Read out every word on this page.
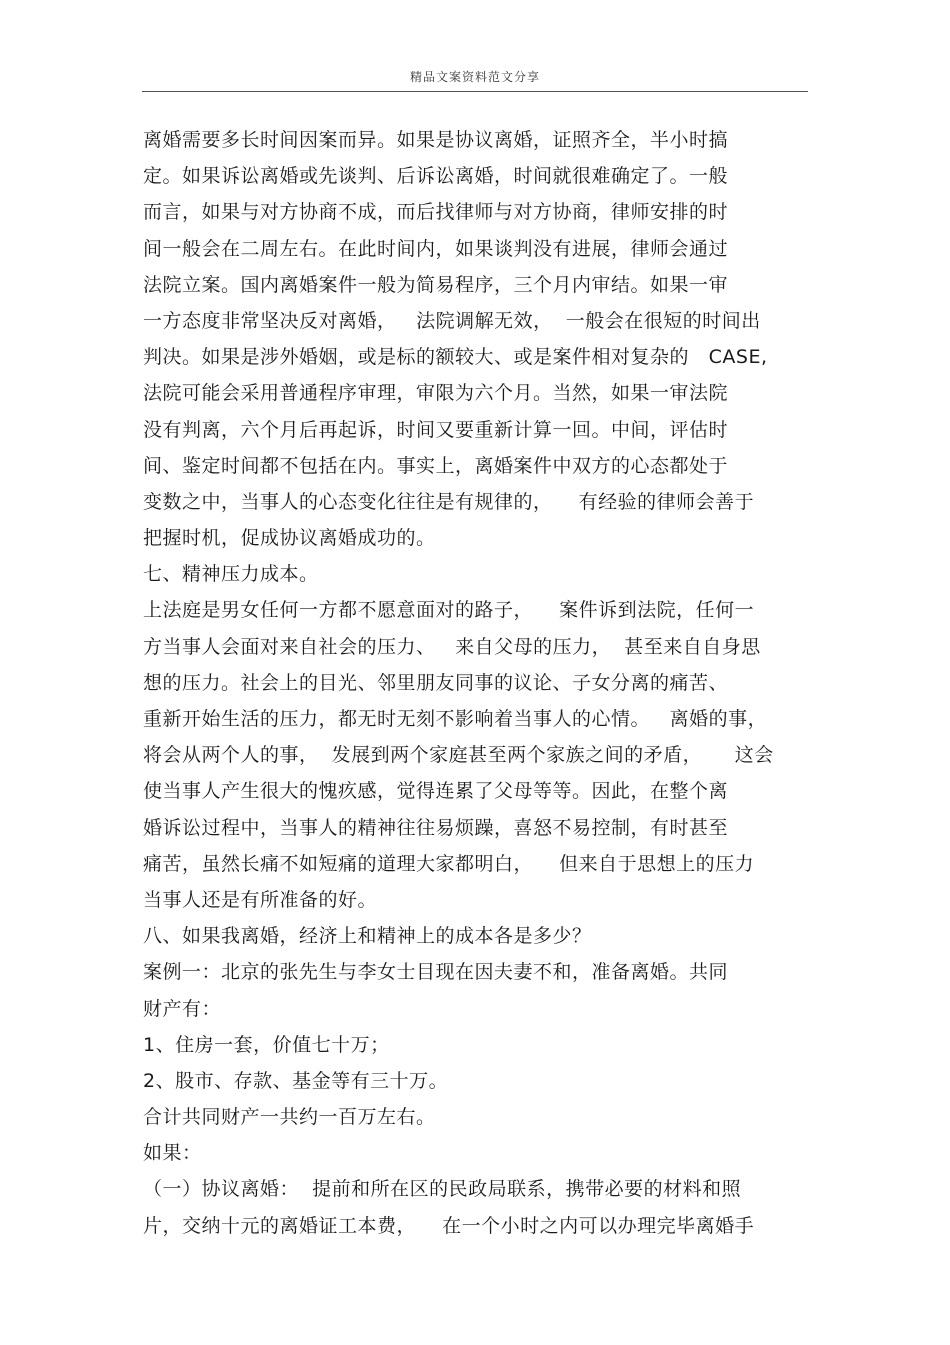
精品文案资料范文分享
离婚需要多长时间因案而异。如果是协议离婚，证照齐全，半小时搞
定。如果诉讼离婚或先谈判、后诉讼离婚，时间就很难确定了。一般
而言，如果与对方协商不成，而后找律师与对方协商，律师安排的时
间一般会在二周左右。在此时间内，如果谈判没有进展，律师会通过
法院立案。国内离婚案件一般为简易程序，三个月内审结。如果一审
一方态度非常坚决反对离婚，   法院调解无效，  一般会在很短的时间出
判决。如果是涉外婚姻，或是标的额较大、或是案件相对复杂的   CASE,
法院可能会采用普通程序审理，审限为六个月。当然，如果一审法院
没有判离，六个月后再起诉，时间又要重新计算一回。中间，评估时
间、鉴定时间都不包括在内。事实上，离婚案件中双方的心态都处于
变数之中，当事人的心态变化往往是有规律的，    有经验的律师会善于
把握时机，促成协议离婚成功的。
七、精神压力成本。
上法庭是男女任何一方都不愿意面对的路子，    案件诉到法院，任何一
方当事人会面对来自社会的压力、   来自父母的压力，  甚至来自自身思
想的压力。社会上的目光、邻里朋友同事的议论、子女分离的痛苦、
重新开始生活的压力，都无时无刻不影响着当事人的心情。   离婚的事，
将会从两个人的事，  发展到两个家庭甚至两个家族之间的矛盾，     这会
使当事人产生很大的愧疚感，觉得连累了父母等等。因此，在整个离
婚诉讼过程中，当事人的精神往往易烦躁，喜怒不易控制，有时甚至
痛苦，虽然长痛不如短痛的道理大家都明白，    但来自于思想上的压力
当事人还是有所准备的好。
八、如果我离婚，经济上和精神上的成本各是多少？
案例一：北京的张先生与李女士目现在因夫妻不和，准备离婚。共同
财产有：
1、住房一套，价值七十万；
2、股市、存款、基金等有三十万。
合计共同财产一共约一百万左右。
如果：
（一）协议离婚：  提前和所在区的民政局联系，携带必要的材料和照
片，交纳十元的离婚证工本费，    在一个小时之内可以办理完毕离婚手
